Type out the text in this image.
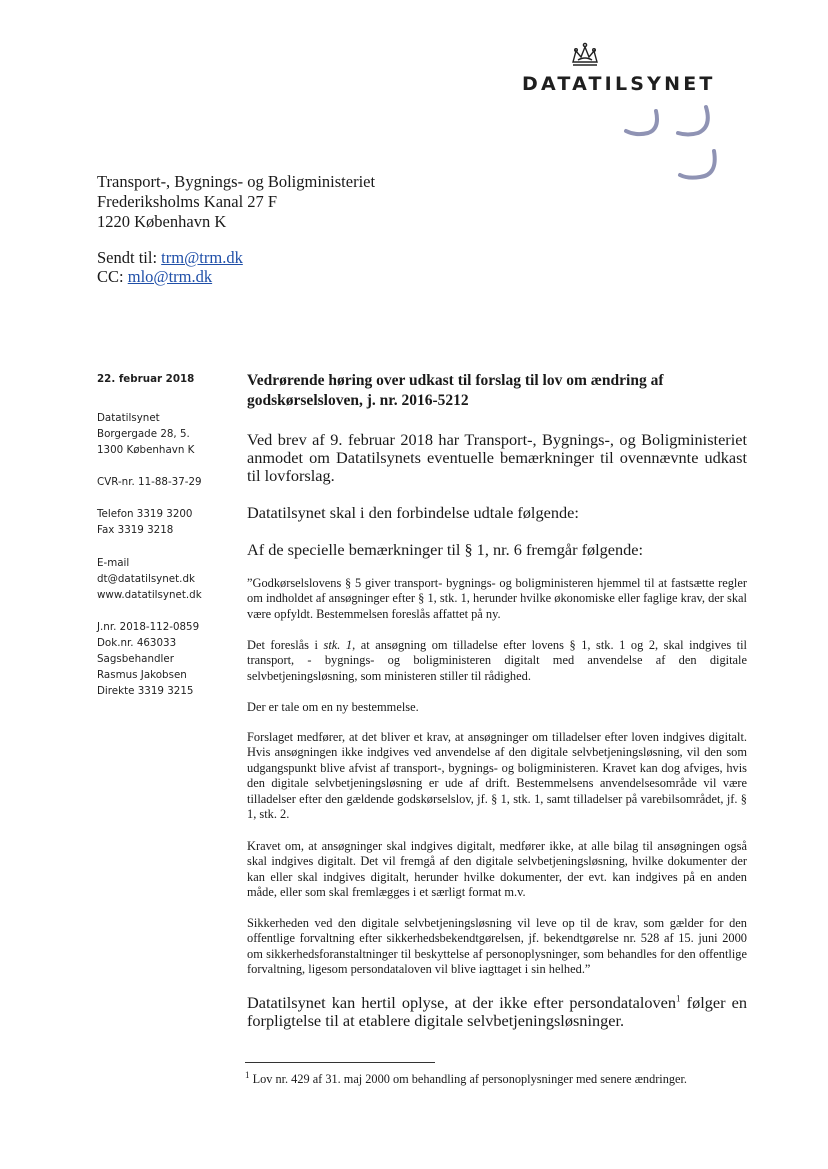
DATATILSYNET
Transport-, Bygnings- og Boligministeriet
Frederiksholms Kanal 27 F
1220 København K
Sendt til: trm@trm.dk
CC: mlo@trm.dk
22. februar 2018
Datatilsynet
Borgergade 28, 5.
1300 København K
CVR-nr. 11-88-37-29
Telefon 3319 3200
Fax 3319 3218
E-mail
dt@datatilsynet.dk
www.datatilsynet.dk
J.nr. 2018-112-0859
Dok.nr. 463033
Sagsbehandler
Rasmus Jakobsen
Direkte 3319 3215
Vedrørende høring over udkast til forslag til lov om ændring af godskørselsloven, j. nr. 2016-5212
Ved brev af 9. februar 2018 har Transport-, Bygnings-, og Boligministeriet anmodet om Datatilsynets eventuelle bemærkninger til ovennævnte udkast til lovforslag.
Datatilsynet skal i den forbindelse udtale følgende:
Af de specielle bemærkninger til § 1, nr. 6 fremgår følgende:
”Godkørselslovens § 5 giver transport- bygnings- og boligministeren hjemmel til at fastsætte regler om indholdet af ansøgninger efter § 1, stk. 1, herunder hvilke økonomiske eller faglige krav, der skal være opfyldt. Bestemmelsen foreslås affattet på ny.
Det foreslås i stk. 1, at ansøgning om tilladelse efter lovens § 1, stk. 1 og 2, skal indgives til transport, - bygnings- og boligministeren digitalt med anvendelse af den digitale selvbetjeningsløsning, som ministeren stiller til rådighed.
Der er tale om en ny bestemmelse.
Forslaget medfører, at det bliver et krav, at ansøgninger om tilladelser efter loven indgives digitalt. Hvis ansøgningen ikke indgives ved anvendelse af den digitale selvbetjeningsløsning, vil den som udgangspunkt blive afvist af transport-, bygnings- og boligministeren. Kravet kan dog afviges, hvis den digitale selvbetjeningsløsning er ude af drift. Bestemmelsens anvendelsesområde vil være tilladelser efter den gældende godskørselslov, jf. § 1, stk. 1, samt tilladelser på varebilsområdet, jf. § 1, stk. 2.
Kravet om, at ansøgninger skal indgives digitalt, medfører ikke, at alle bilag til ansøgningen også skal indgives digitalt. Det vil fremgå af den digitale selvbetjeningsløsning, hvilke dokumenter der kan eller skal indgives digitalt, herunder hvilke dokumenter, der evt. kan indgives på en anden måde, eller som skal fremlægges i et særligt format m.v.
Sikkerheden ved den digitale selvbetjeningsløsning vil leve op til de krav, som gælder for den offentlige forvaltning efter sikkerhedsbekendtgørelsen, jf. bekendtgørelse nr. 528 af 15. juni 2000 om sikkerhedsforanstaltninger til beskyttelse af personoplysninger, som behandles for den offentlige forvaltning, ligesom persondataloven vil blive iagttaget i sin helhed.”
Datatilsynet kan hertil oplyse, at der ikke efter persondataloven$^1$ følger en forpligtelse til at etablere digitale selvbetjeningsløsninger.
$^1$ Lov nr. 429 af 31. maj 2000 om behandling af personoplysninger med senere ændringer.
